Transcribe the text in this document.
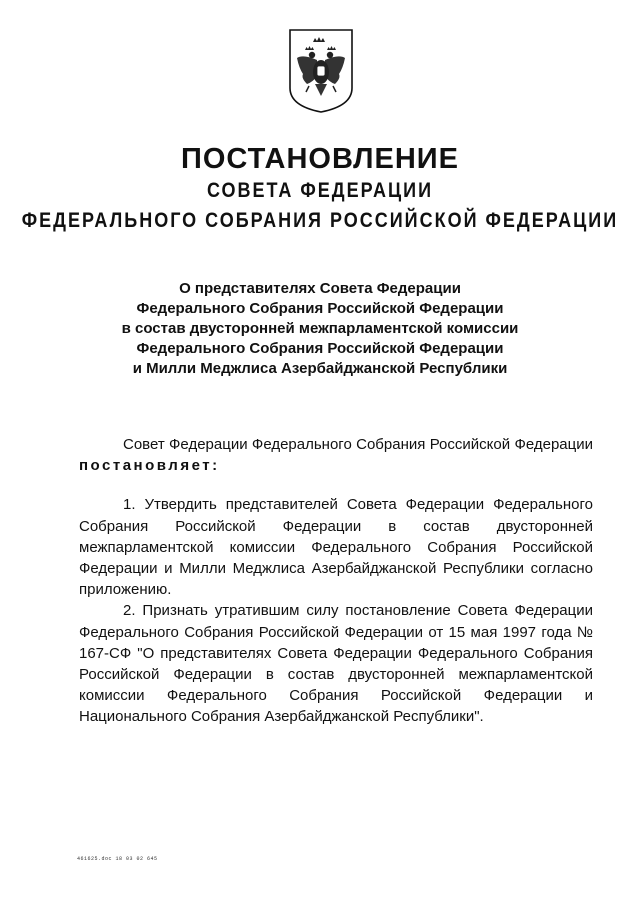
ПОСТАНОВЛЕНИЕ
СОВЕТА ФЕДЕРАЦИИ
ФЕДЕРАЛЬНОГО СОБРАНИЯ РОССИЙСКОЙ ФЕДЕРАЦИИ
О представителях Совета Федерации
Федерального Собрания Российской Федерации
в состав двусторонней межпарламентской комиссии
Федерального Собрания Российской Федерации
и Милли Меджлиса Азербайджанской Республики
Совет Федерации Федерального Собрания Российской Федерации постановляет:
1. Утвердить представителей Совета Федерации Федерального Собрания Российской Федерации в состав двусторонней межпарламентской комиссии Федерального Собрания Российской Федерации и Милли Меджлиса Азербайджанской Республики согласно приложению.
2. Признать утратившим силу постановление Совета Федерации Федерального Собрания Российской Федерации от 15 мая 1997 года № 167-СФ "О представителях Совета Федерации Федерального Собрания Российской Федерации в состав двусторонней межпарламентской комиссии Федерального Собрания Российской Федерации и Национального Собрания Азербайджанской Республики".
461625.doc 18 03 02 645
